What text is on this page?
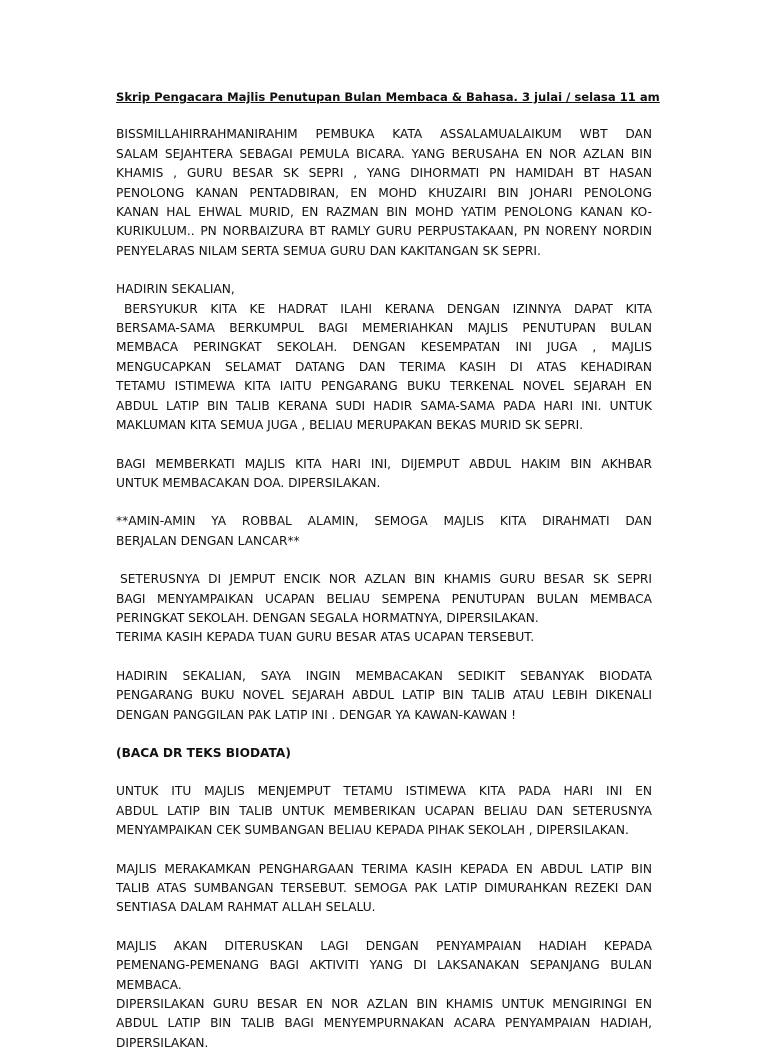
Skrip Pengacara Majlis Penutupan Bulan Membaca & Bahasa. 3 julai / selasa 11 am
BISSMILLAHIRRAHMANIRAHIM PEMBUKA KATA ASSALAMUALAIKUM WBT DAN
SALAM SEJAHTERA SEBAGAI PEMULA BICARA. YANG BERUSAHA EN NOR AZLAN BIN
KHAMIS , GURU BESAR SK SEPRI , YANG DIHORMATI PN HAMIDAH BT HASAN
PENOLONG KANAN PENTADBIRAN, EN MOHD KHUZAIRI BIN JOHARI PENOLONG
KANAN HAL EHWAL MURID, EN RAZMAN BIN MOHD YATIM PENOLONG KANAN KO-
KURIKULUM.. PN NORBAIZURA BT RAMLY GURU PERPUSTAKAAN, PN NORENY NORDIN
PENYELARAS NILAM SERTA SEMUA GURU DAN KAKITANGAN SK SEPRI.
HADIRIN SEKALIAN,
BERSYUKUR KITA KE HADRAT ILAHI KERANA DENGAN IZINNYA DAPAT KITA
BERSAMA-SAMA BERKUMPUL BAGI MEMERIAHKAN MAJLIS PENUTUPAN BULAN
MEMBACA PERINGKAT SEKOLAH. DENGAN KESEMPATAN INI JUGA , MAJLIS
MENGUCAPKAN SELAMAT DATANG DAN TERIMA KASIH DI ATAS KEHADIRAN
TETAMU ISTIMEWA KITA IAITU PENGARANG BUKU TERKENAL NOVEL SEJARAH EN
ABDUL LATIP BIN TALIB KERANA SUDI HADIR SAMA-SAMA PADA HARI INI. UNTUK
MAKLUMAN KITA SEMUA JUGA , BELIAU MERUPAKAN BEKAS MURID SK SEPRI.
BAGI MEMBERKATI MAJLIS KITA HARI INI, DIJEMPUT ABDUL HAKIM BIN AKHBAR
UNTUK MEMBACAKAN DOA. DIPERSILAKAN.
**AMIN-AMIN YA ROBBAL ALAMIN, SEMOGA MAJLIS KITA DIRAHMATI DAN
BERJALAN DENGAN LANCAR**
SETERUSNYA DI JEMPUT ENCIK NOR AZLAN BIN KHAMIS GURU BESAR SK SEPRI
BAGI MENYAMPAIKAN UCAPAN BELIAU SEMPENA PENUTUPAN BULAN MEMBACA
PERINGKAT SEKOLAH. DENGAN SEGALA HORMATNYA, DIPERSILAKAN.
TERIMA KASIH KEPADA TUAN GURU BESAR ATAS UCAPAN TERSEBUT.
HADIRIN SEKALIAN, SAYA INGIN MEMBACAKAN SEDIKIT SEBANYAK BIODATA
PENGARANG BUKU NOVEL SEJARAH ABDUL LATIP BIN TALIB ATAU LEBIH DIKENALI
DENGAN PANGGILAN PAK LATIP INI . DENGAR YA KAWAN-KAWAN !
(BACA DR TEKS BIODATA)
UNTUK ITU MAJLIS MENJEMPUT TETAMU ISTIMEWA KITA PADA HARI INI EN
ABDUL LATIP BIN TALIB UNTUK MEMBERIKAN UCAPAN BELIAU DAN SETERUSNYA
MENYAMPAIKAN CEK SUMBANGAN BELIAU KEPADA PIHAK SEKOLAH , DIPERSILAKAN.
MAJLIS MERAKAMKAN PENGHARGAAN TERIMA KASIH KEPADA EN ABDUL LATIP BIN
TALIB ATAS SUMBANGAN TERSEBUT. SEMOGA PAK LATIP DIMURAHKAN REZEKI DAN
SENTIASA DALAM RAHMAT ALLAH SELALU.
MAJLIS AKAN DITERUSKAN LAGI DENGAN PENYAMPAIAN HADIAH KEPADA
PEMENANG-PEMENANG BAGI AKTIVITI YANG DI LAKSANAKAN SEPANJANG BULAN
MEMBACA.
DIPERSILAKAN GURU BESAR EN NOR AZLAN BIN KHAMIS UNTUK MENGIRINGI EN
ABDUL LATIP BIN TALIB BAGI MENYEMPURNAKAN ACARA PENYAMPAIAN HADIAH,
DIPERSILAKAN.
